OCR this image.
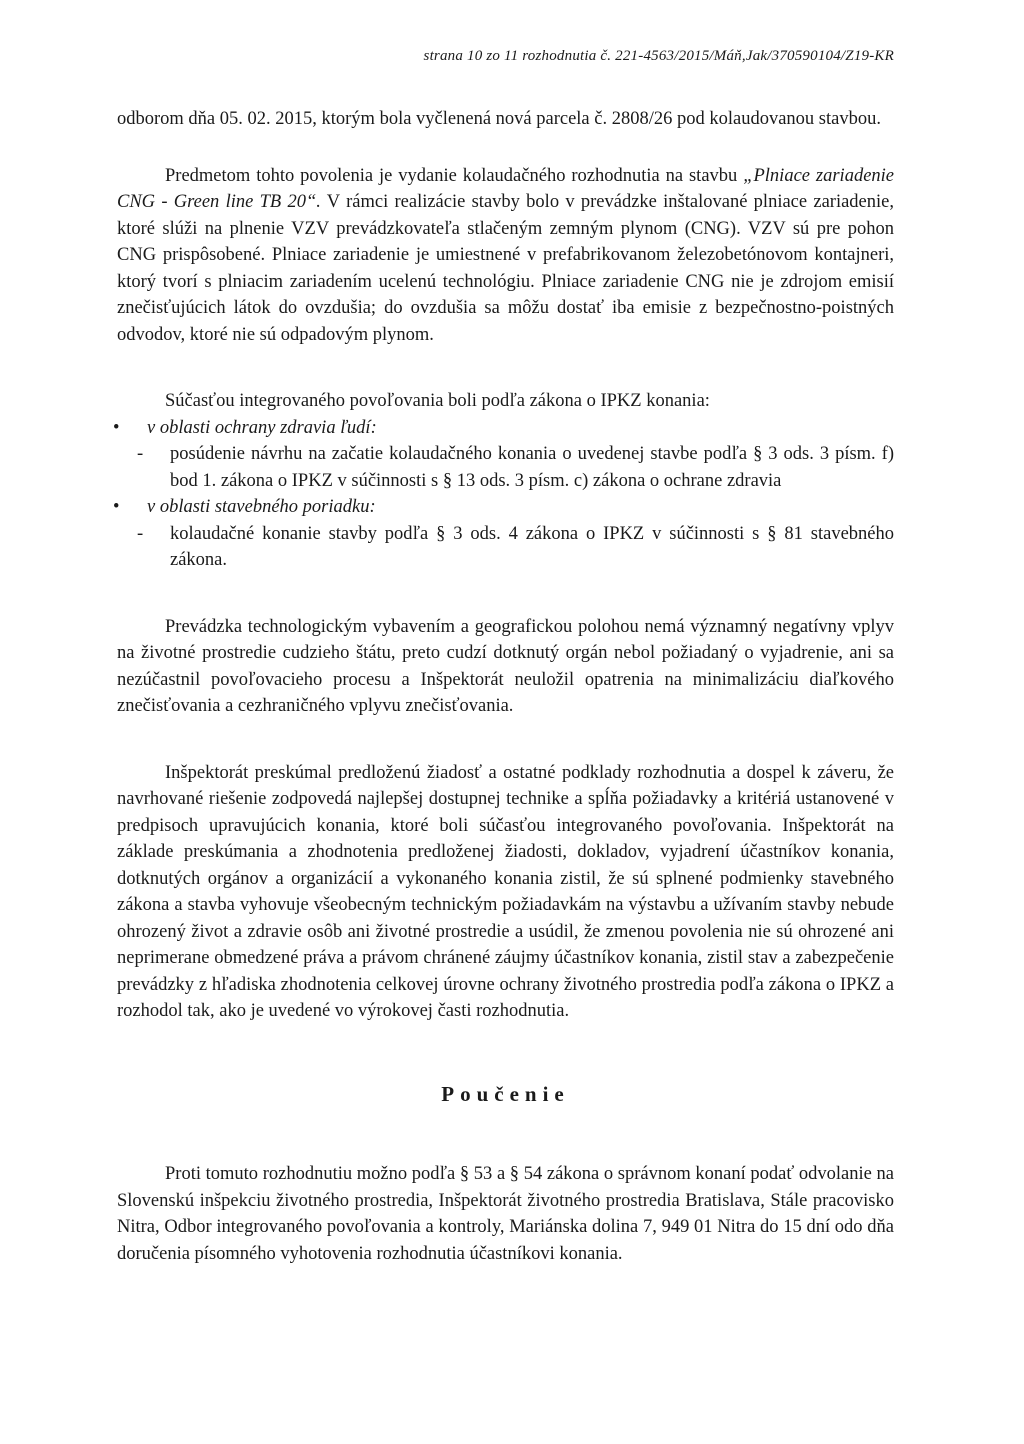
strana 10 zo 11 rozhodnutia č. 221-4563/2015/Máň,Jak/370590104/Z19-KR

odborom dňa 05. 02. 2015, ktorým bola vyčlenená nová parcela č. 2808/26 pod kolaudovanou stavbou.

Predmetom tohto povolenia je vydanie kolaudačného rozhodnutia na stavbu „Plniace zariadenie CNG - Green line TB 20“. V rámci realizácie stavby bolo v prevádzke inštalované plniace zariadenie, ktoré slúži na plnenie VZV prevádzkovateľa stlačeným zemným plynom (CNG). VZV sú pre pohon CNG prispôsobené. Plniace zariadenie je umiestnené v prefabrikovanom železobetónovom kontajneri, ktorý tvorí s plniacim zariadením ucelenú technológiu. Plniace zariadenie CNG nie je zdrojom emisií znečisťujúcich látok do ovzdušia; do ovzdušia sa môžu dostať iba emisie z bezpečnostno-poistných odvodov, ktoré nie sú odpadovým plynom.

Súčasťou integrovaného povoľovania boli podľa zákona o IPKZ konania:

• v oblasti ochrany zdravia ľudí:

- posúdenie návrhu na začatie kolaudačného konania o uvedenej stavbe podľa § 3 ods. 3 písm. f) bod 1. zákona o IPKZ v súčinnosti s § 13 ods. 3 písm. c) zákona o ochrane zdravia

• v oblasti stavebného poriadku:

- kolaudačné konanie stavby podľa § 3 ods. 4 zákona o IPKZ v súčinnosti s § 81 stavebného zákona.

Prevádzka technologickým vybavením a geografickou polohou nemá významný negatívny vplyv na životné prostredie cudzieho štátu, preto cudzí dotknutý orgán nebol požiadaný o vyjadrenie, ani sa nezúčastnil povoľovacieho procesu a Inšpektorát neuložil opatrenia na minimalizáciu diaľkového znečisťovania a cezhraničného vplyvu znečisťovania.

Inšpektorát preskúmal predloženú žiadosť a ostatné podklady rozhodnutia a dospel k záveru, že navrhované riešenie zodpovedá najlepšej dostupnej technike a spĺňa požiadavky a kritériá ustanovené v predpisoch upravujúcich konania, ktoré boli súčasťou integrovaného povoľovania. Inšpektorát na základe preskúmania a zhodnotenia predloženej žiadosti, dokladov, vyjadrení účastníkov konania, dotknutých orgánov a organizácií a vykonaného konania zistil, že sú splnené podmienky stavebného zákona a stavba vyhovuje všeobecným technickým požiadavkám na výstavbu a užívaním stavby nebude ohrozený život a zdravie osôb ani životné prostredie a usúdil, že zmenou povolenia nie sú ohrozené ani neprimerane obmedzené práva a právom chránené záujmy účastníkov konania, zistil stav a zabezpečenie prevádzky z hľadiska zhodnotenia celkovej úrovne ochrany životného prostredia podľa zákona o IPKZ a rozhodol tak, ako je uvedené vo výrokovej časti rozhodnutia.

Poučenie

Proti tomuto rozhodnutiu možno podľa § 53 a § 54 zákona o správnom konaní podať odvolanie na Slovenskú inšpekciu životného prostredia, Inšpektorát životného prostredia Bratislava, Stále pracovisko Nitra, Odbor integrovaného povoľovania a kontroly, Mariánska dolina 7, 949 01 Nitra do 15 dní odo dňa doručenia písomného vyhotovenia rozhodnutia účastníkovi konania.
